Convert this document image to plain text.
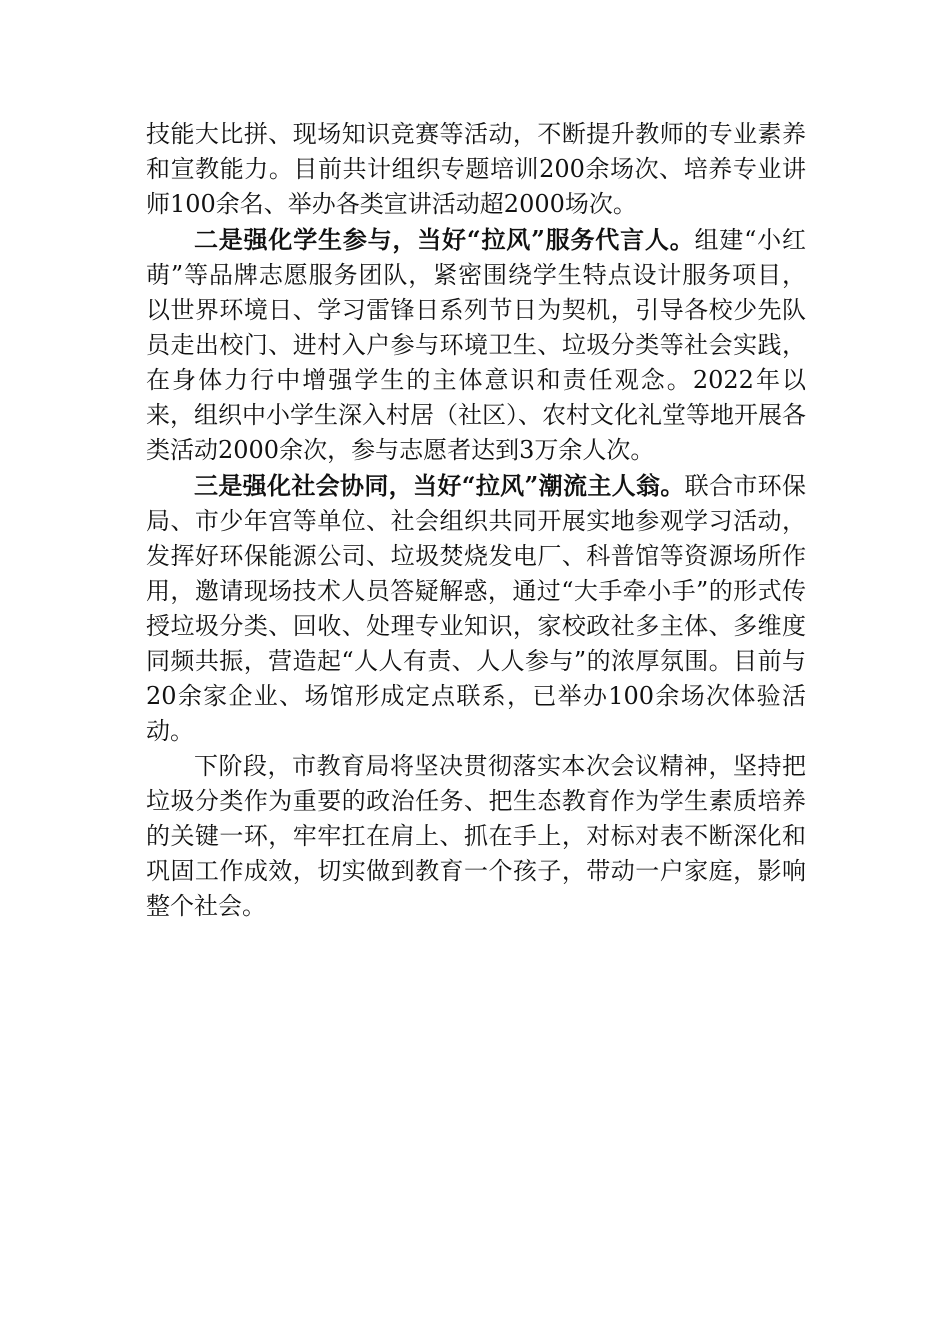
技能大比拼、现场知识竞赛等活动，不断提升教师的专业素养和宣教能力。目前共计组织专题培训200余场次、培养专业讲师100余名、举办各类宣讲活动超2000场次。

二是强化学生参与，当好“拉风”服务代言人。组建“小红萌”等品牌志愿服务团队，紧密围绕学生特点设计服务项目，以世界环境日、学习雷锋日系列节日为契机，引导各校少先队员走出校门、进村入户参与环境卫生、垃圾分类等社会实践，在身体力行中增强学生的主体意识和责任观念。2022年以来，组织中小学生深入村居（社区）、农村文化礼堂等地开展各类活动2000余次，参与志愿者达到3万余人次。

三是强化社会协同，当好“拉风”潮流主人翁。联合市环保局、市少年宫等单位、社会组织共同开展实地参观学习活动，发挥好环保能源公司、垃圾焚烧发电厂、科普馆等资源场所作用，邀请现场技术人员答疑解惑，通过“大手牵小手”的形式传授垃圾分类、回收、处理专业知识，家校政社多主体、多维度同频共振，营造起“人人有责、人人参与”的浓厚氛围。目前与20余家企业、场馆形成定点联系，已举办100余场次体验活动。

下阶段，市教育局将坚决贯彻落实本次会议精神，坚持把垃圾分类作为重要的政治任务、把生态教育作为学生素质培养的关键一环，牢牢扛在肩上、抓在手上，对标对表不断深化和巩固工作成效，切实做到教育一个孩子，带动一户家庭，影响整个社会。
